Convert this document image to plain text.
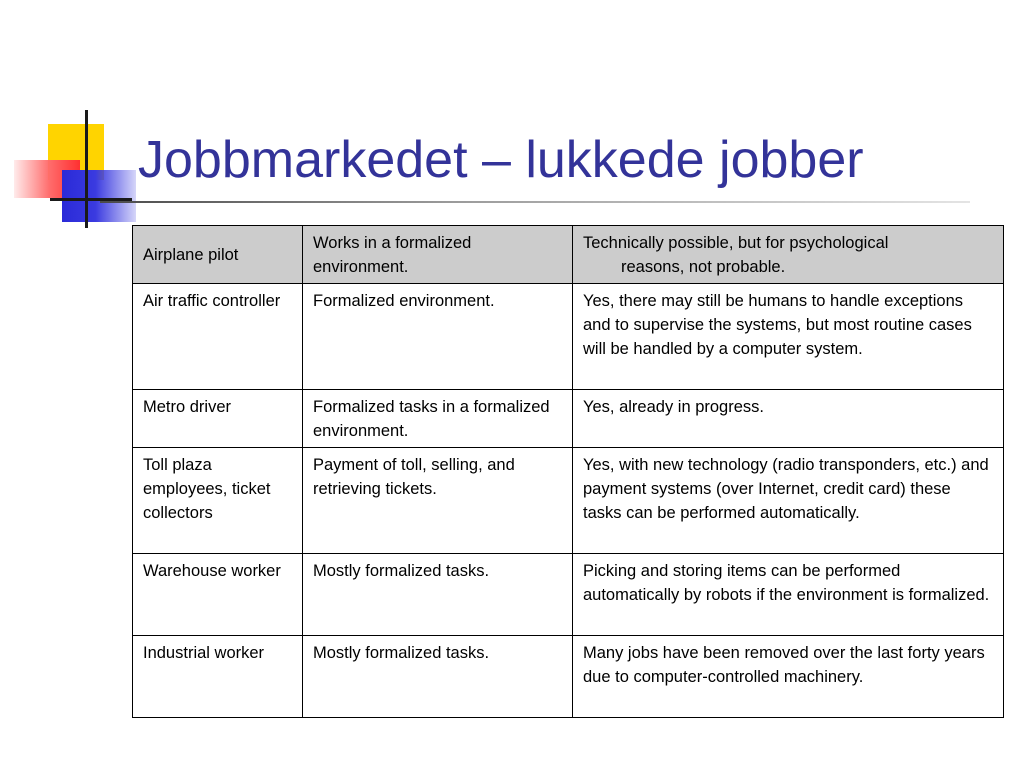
Jobbmarkedet – lukkede jobber
Airplane pilot	Works in a formalized environment.	Technically possible, but for psychological
reasons, not probable.

Air traffic controller	Formalized environment.	Yes, there may still be humans to handle exceptions and to supervise the systems, but most routine cases will be handled by a computer system.
Metro driver	Formalized tasks in a formalized environment.	Yes, already in progress.
Toll plaza employees, ticket collectors	Payment of toll, selling, and retrieving tickets.	Yes, with new technology (radio transponders, etc.) and payment systems (over Internet, credit card) these tasks can be performed automatically.
Warehouse worker	Mostly formalized tasks.	Picking and storing items can be performed automatically by robots if the environment is formalized.
Industrial worker	Mostly formalized tasks.	Many jobs have been removed over the last forty years due to computer-controlled machinery.
